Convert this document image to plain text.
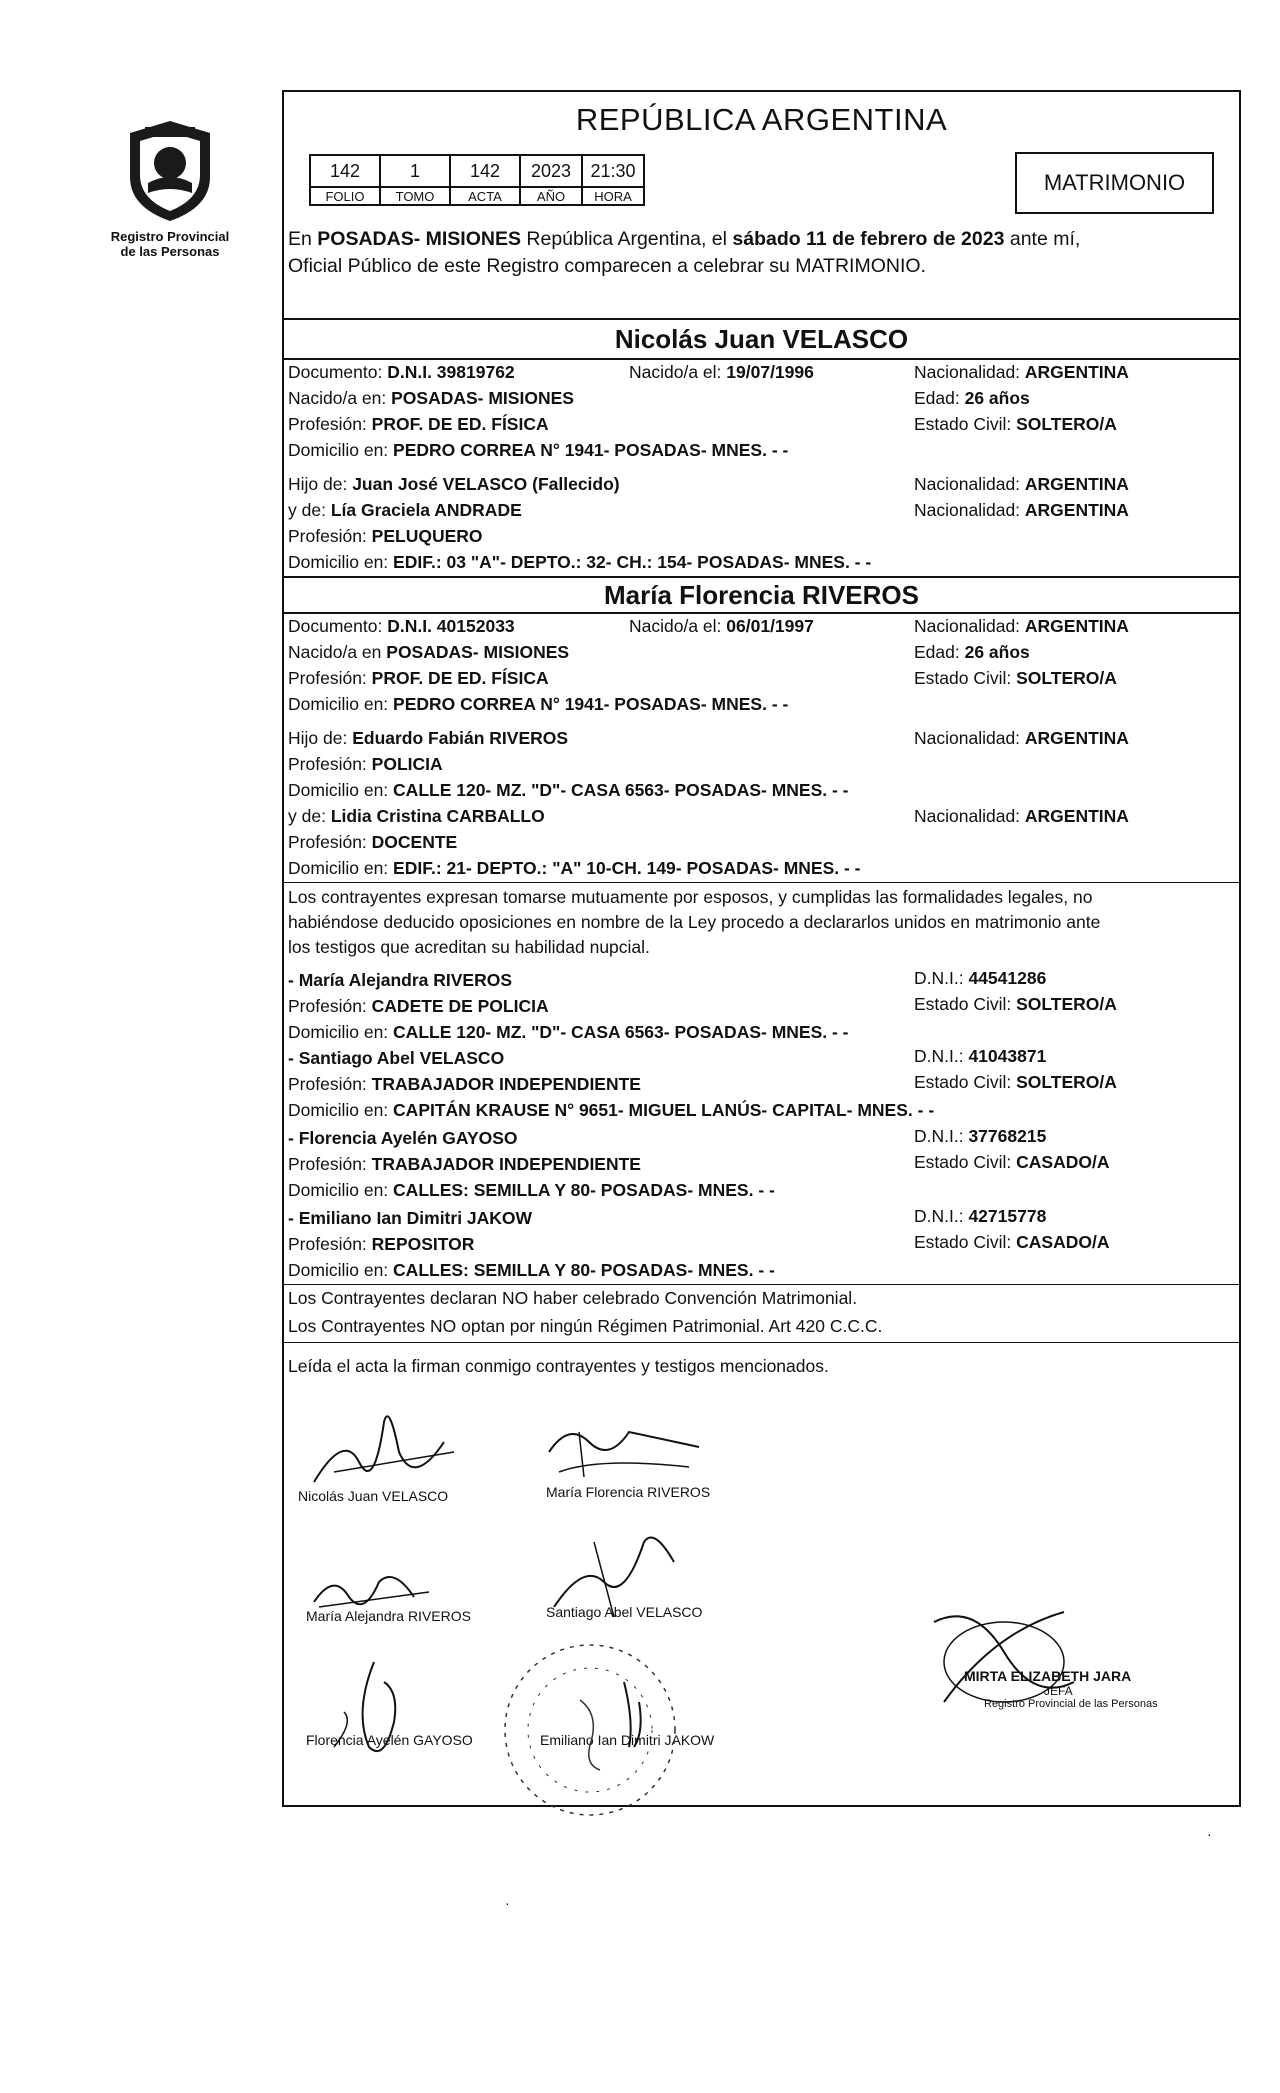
Registro Provincial
de las Personas
REPÚBLICA ARGENTINA
142	1	142	2023	21:30
FOLIO	TOMO	ACTA	AÑO	HORA
MATRIMONIO
En POSADAS- MISIONES República Argentina, el sábado 11 de febrero de 2023 ante mí,
Oficial Público de este Registro comparecen a celebrar su MATRIMONIO.
Nicolás Juan VELASCO
Documento: D.N.I. 39819762	Nacido/a el: 19/07/1996	Nacionalidad: ARGENTINA
Nacido/a en: POSADAS- MISIONES	Edad: 26 años
Profesión: PROF. DE ED. FÍSICA	Estado Civil: SOLTERO/A
Domicilio en: PEDRO CORREA N° 1941- POSADAS- MNES. - -
Hijo de: Juan José VELASCO (Fallecido)	Nacionalidad: ARGENTINA
y de: Lía Graciela ANDRADE	Nacionalidad: ARGENTINA
Profesión: PELUQUERO
Domicilio en: EDIF.: 03 "A"- DEPTO.: 32- CH.: 154- POSADAS- MNES. - -
María Florencia RIVEROS
Documento: D.N.I. 40152033	Nacido/a el: 06/01/1997	Nacionalidad: ARGENTINA
Nacido/a en POSADAS- MISIONES	Edad: 26 años
Profesión: PROF. DE ED. FÍSICA	Estado Civil: SOLTERO/A
Domicilio en: PEDRO CORREA N° 1941- POSADAS- MNES. - -
Hijo de: Eduardo Fabián RIVEROS	Nacionalidad: ARGENTINA
Profesión: POLICIA
Domicilio en: CALLE 120- MZ. "D"- CASA 6563- POSADAS- MNES. - -
y de: Lidia Cristina CARBALLO	Nacionalidad: ARGENTINA
Profesión: DOCENTE
Domicilio en: EDIF.: 21- DEPTO.: "A" 10-CH. 149- POSADAS- MNES. - -
Los contrayentes expresan tomarse mutuamente por esposos, y cumplidas las formalidades legales, no
habiéndose deducido oposiciones en nombre de la Ley procedo a declararlos unidos en matrimonio ante
los testigos que acreditan su habilidad nupcial.
- María Alejandra RIVEROS	D.N.I.: 44541286
Profesión: CADETE DE POLICIA	Estado Civil: SOLTERO/A
Domicilio en: CALLE 120- MZ. "D"- CASA 6563- POSADAS- MNES. - -
- Santiago Abel VELASCO	D.N.I.: 41043871
Profesión: TRABAJADOR INDEPENDIENTE	Estado Civil: SOLTERO/A
Domicilio en: CAPITÁN KRAUSE N° 9651- MIGUEL LANÚS- CAPITAL- MNES. - -
- Florencia Ayelén GAYOSO	D.N.I.: 37768215
Profesión: TRABAJADOR INDEPENDIENTE	Estado Civil: CASADO/A
Domicilio en: CALLES: SEMILLA Y 80- POSADAS- MNES. - -
- Emiliano Ian Dimitri JAKOW	D.N.I.: 42715778
Profesión: REPOSITOR	Estado Civil: CASADO/A
Domicilio en: CALLES: SEMILLA Y 80- POSADAS- MNES. - -
Los Contrayentes declaran NO haber celebrado Convención Matrimonial.
Los Contrayentes NO optan por ningún Régimen Patrimonial. Art 420 C.C.C.
Leída el acta la firman conmigo contrayentes y testigos mencionados.
Nicolás Juan VELASCO	María Florencia RIVEROS
María Alejandra RIVEROS	Santiago Abel VELASCO
Florencia Ayelén GAYOSO	Emiliano Ian Dimitri JAKOW
MIRTA ELIZABETH JARA
JEFA
Registro Provincial de las Personas
·
·
